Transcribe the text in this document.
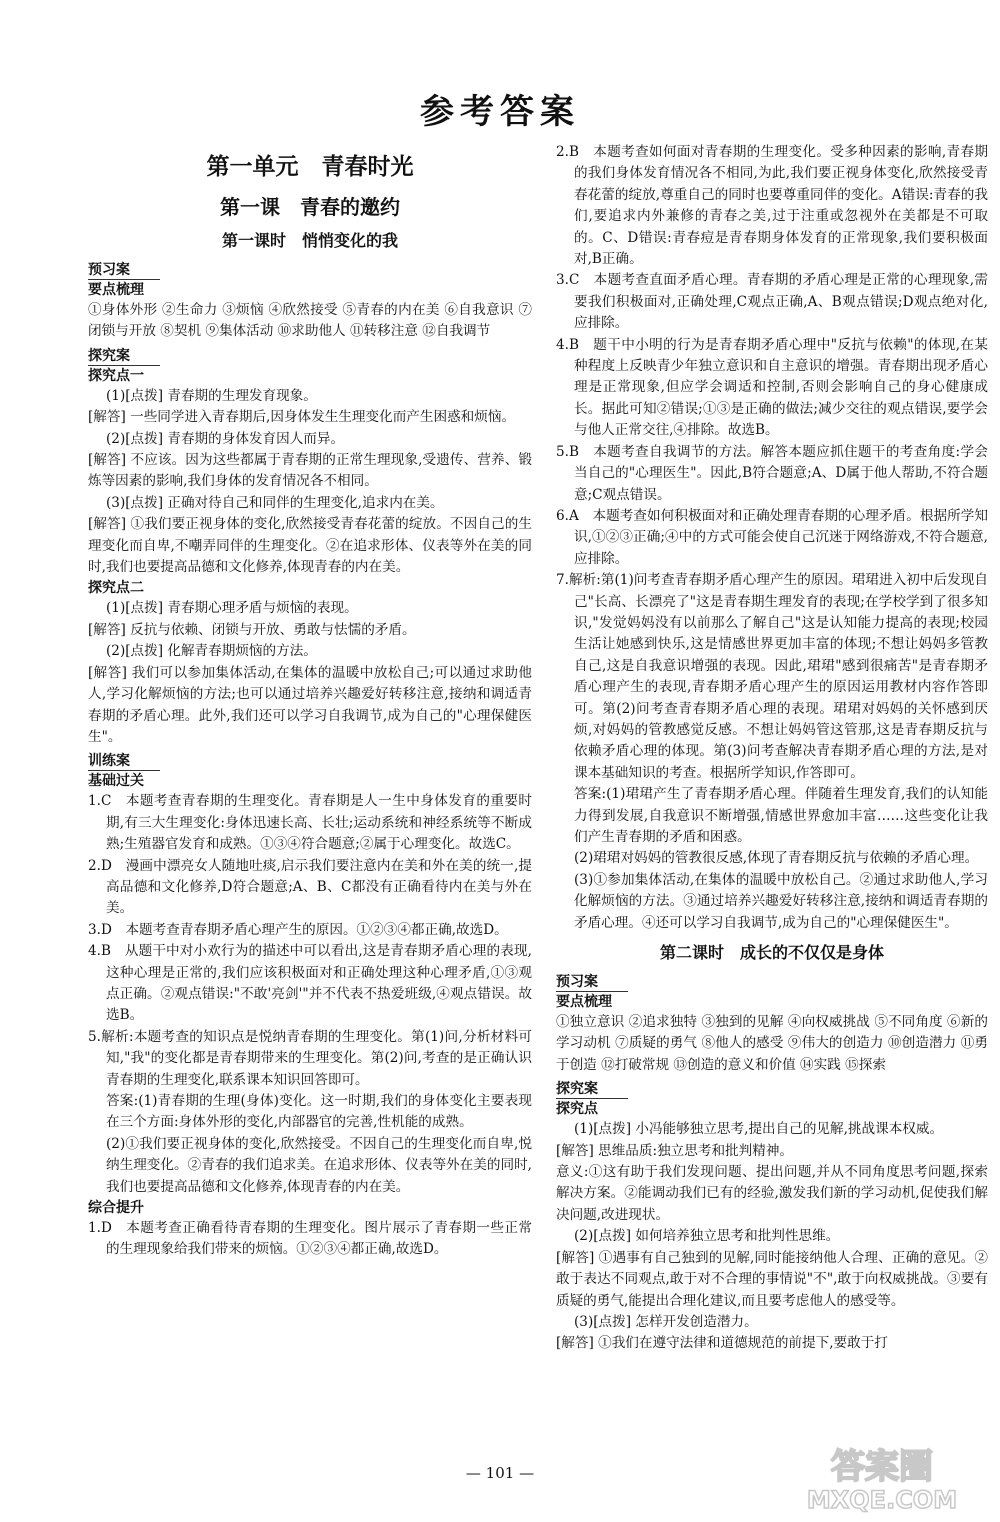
参考答案
第一单元　青春时光
第一课　青春的邀约
第一课时　悄悄变化的我
预习案
要点梳理

①身体外形 ②生命力 ③烦恼 ④欣然接受 ⑤青春的内在美 ⑥自我意识 ⑦闭锁与开放 ⑧契机 ⑨集体活动 ⑩求助他人 ⑪转移注意 ⑫自我调节

探究案
探究点一

(1)[点拨] 青春期的生理发育现象。

[解答] 一些同学进入青春期后,因身体发生生理变化而产生困惑和烦恼。

(2)[点拨] 青春期的身体发育因人而异。

[解答] 不应该。因为这些都属于青春期的正常生理现象,受遗传、营养、锻炼等因素的影响,我们身体的发育情况各不相同。

(3)[点拨] 正确对待自己和同伴的生理变化,追求内在美。

[解答] ①我们要正视身体的变化,欣然接受青春花蕾的绽放。不因自己的生理变化而自卑,不嘲弄同伴的生理变化。②在追求形体、仪表等外在美的同时,我们也要提高品德和文化修养,体现青春的内在美。

探究点二

(1)[点拨] 青春期心理矛盾与烦恼的表现。

[解答] 反抗与依赖、闭锁与开放、勇敢与怯懦的矛盾。

(2)[点拨] 化解青春期烦恼的方法。

[解答] 我们可以参加集体活动,在集体的温暖中放松自己;可以通过求助他人,学习化解烦恼的方法;也可以通过培养兴趣爱好转移注意,接纳和调适青春期的矛盾心理。此外,我们还可以学习自我调节,成为自己的"心理保健医生"。

训练案
基础过关

1.C　本题考查青春期的生理变化。青春期是人一生中身体发育的重要时期,有三大生理变化:身体迅速长高、长壮;运动系统和神经系统等不断成熟;生殖器官发育和成熟。①③④符合题意;②属于心理变化。故选C。

2.D　漫画中漂亮女人随地吐痰,启示我们要注意内在美和外在美的统一,提高品德和文化修养,D符合题意;A、B、C都没有正确看待内在美与外在美。

3.D　本题考查青春期矛盾心理产生的原因。①②③④都正确,故选D。

4.B　从题干中对小欢行为的描述中可以看出,这是青春期矛盾心理的表现,这种心理是正常的,我们应该积极面对和正确处理这种心理矛盾,①③观点正确。②观点错误:"不敢'亮剑'"并不代表不热爱班级,④观点错误。故选B。

5.解析:本题考查的知识点是悦纳青春期的生理变化。第(1)问,分析材料可知,"我"的变化都是青春期带来的生理变化。第(2)问,考查的是正确认识青春期的生理变化,联系课本知识回答即可。

答案:(1)青春期的生理(身体)变化。这一时期,我们的身体变化主要表现在三个方面:身体外形的变化,内部器官的完善,性机能的成熟。

(2)①我们要正视身体的变化,欣然接受。不因自己的生理变化而自卑,悦纳生理变化。②青春的我们追求美。在追求形体、仪表等外在美的同时,我们也要提高品德和文化修养,体现青春的内在美。

综合提升

1.D　本题考查正确看待青春期的生理变化。图片展示了青春期一些正常的生理现象给我们带来的烦恼。①②③④都正确,故选D。

2.B　本题考查如何面对青春期的生理变化。受多种因素的影响,青春期的我们身体发育情况各不相同,为此,我们要正视身体变化,欣然接受青春花蕾的绽放,尊重自己的同时也要尊重同伴的变化。A错误:青春的我们,要追求内外兼修的青春之美,过于注重或忽视外在美都是不可取的。C、D错误:青春痘是青春期身体发育的正常现象,我们要积极面对,B正确。

3.C　本题考查直面矛盾心理。青春期的矛盾心理是正常的心理现象,需要我们积极面对,正确处理,C观点正确,A、B观点错误;D观点绝对化,应排除。

4.B　题干中小明的行为是青春期矛盾心理中"反抗与依赖"的体现,在某种程度上反映青少年独立意识和自主意识的增强。青春期出现矛盾心理是正常现象,但应学会调适和控制,否则会影响自己的身心健康成长。据此可知②错误;①③是正确的做法;减少交往的观点错误,要学会与他人正常交往,④排除。故选B。

5.B　本题考查自我调节的方法。解答本题应抓住题干的考查角度:学会当自己的"心理医生"。因此,B符合题意;A、D属于他人帮助,不符合题意;C观点错误。

6.A　本题考查如何积极面对和正确处理青春期的心理矛盾。根据所学知识,①②③正确;④中的方式可能会使自己沉迷于网络游戏,不符合题意,应排除。

7.解析:第(1)问考查青春期矛盾心理产生的原因。珺珺进入初中后发现自己"长高、长漂亮了"这是青春期生理发育的表现;在学校学到了很多知识,"发觉妈妈没有以前那么了解自己"这是认知能力提高的表现;校园生活让她感到快乐,这是情感世界更加丰富的体现;不想让妈妈多管教自己,这是自我意识增强的表现。因此,珺珺"感到很痛苦"是青春期矛盾心理产生的表现,青春期矛盾心理产生的原因运用教材内容作答即可。第(2)问考查青春期矛盾心理的表现。珺珺对妈妈的关怀感到厌烦,对妈妈的管教感觉反感。不想让妈妈管这管那,这是青春期反抗与依赖矛盾心理的体现。第(3)问考查解决青春期矛盾心理的方法,是对课本基础知识的考查。根据所学知识,作答即可。

答案:(1)珺珺产生了青春期矛盾心理。伴随着生理发育,我们的认知能力得到发展,自我意识不断增强,情感世界愈加丰富……这些变化让我们产生青春期的矛盾和困惑。

(2)珺珺对妈妈的管教很反感,体现了青春期反抗与依赖的矛盾心理。

(3)①参加集体活动,在集体的温暖中放松自己。②通过求助他人,学习化解烦恼的方法。③通过培养兴趣爱好转移注意,接纳和调适青春期的矛盾心理。④还可以学习自我调节,成为自己的"心理保健医生"。

第二课时　成长的不仅仅是身体
预习案
要点梳理

①独立意识 ②追求独特 ③独到的见解 ④向权威挑战 ⑤不同角度 ⑥新的学习动机 ⑦质疑的勇气 ⑧他人的感受 ⑨伟大的创造力 ⑩创造潜力 ⑪勇于创造 ⑫打破常规 ⑬创造的意义和价值 ⑭实践 ⑮探索

探究案
探究点

(1)[点拨] 小冯能够独立思考,提出自己的见解,挑战课本权威。

[解答] 思维品质:独立思考和批判精神。

意义:①这有助于我们发现问题、提出问题,并从不同角度思考问题,探索解决方案。②能调动我们已有的经验,激发我们新的学习动机,促使我们解决问题,改进现状。

(2)[点拨] 如何培养独立思考和批判性思维。

[解答] ①遇事有自己独到的见解,同时能接纳他人合理、正确的意见。②敢于表达不同观点,敢于对不合理的事情说"不",敢于向权威挑战。③要有质疑的勇气,能提出合理化建议,而且要考虑他人的感受等。

(3)[点拨] 怎样开发创造潜力。

[解答] ①我们在遵守法律和道德规范的前提下,要敢于打

— 101 —	答案圈
MXQE.COM
